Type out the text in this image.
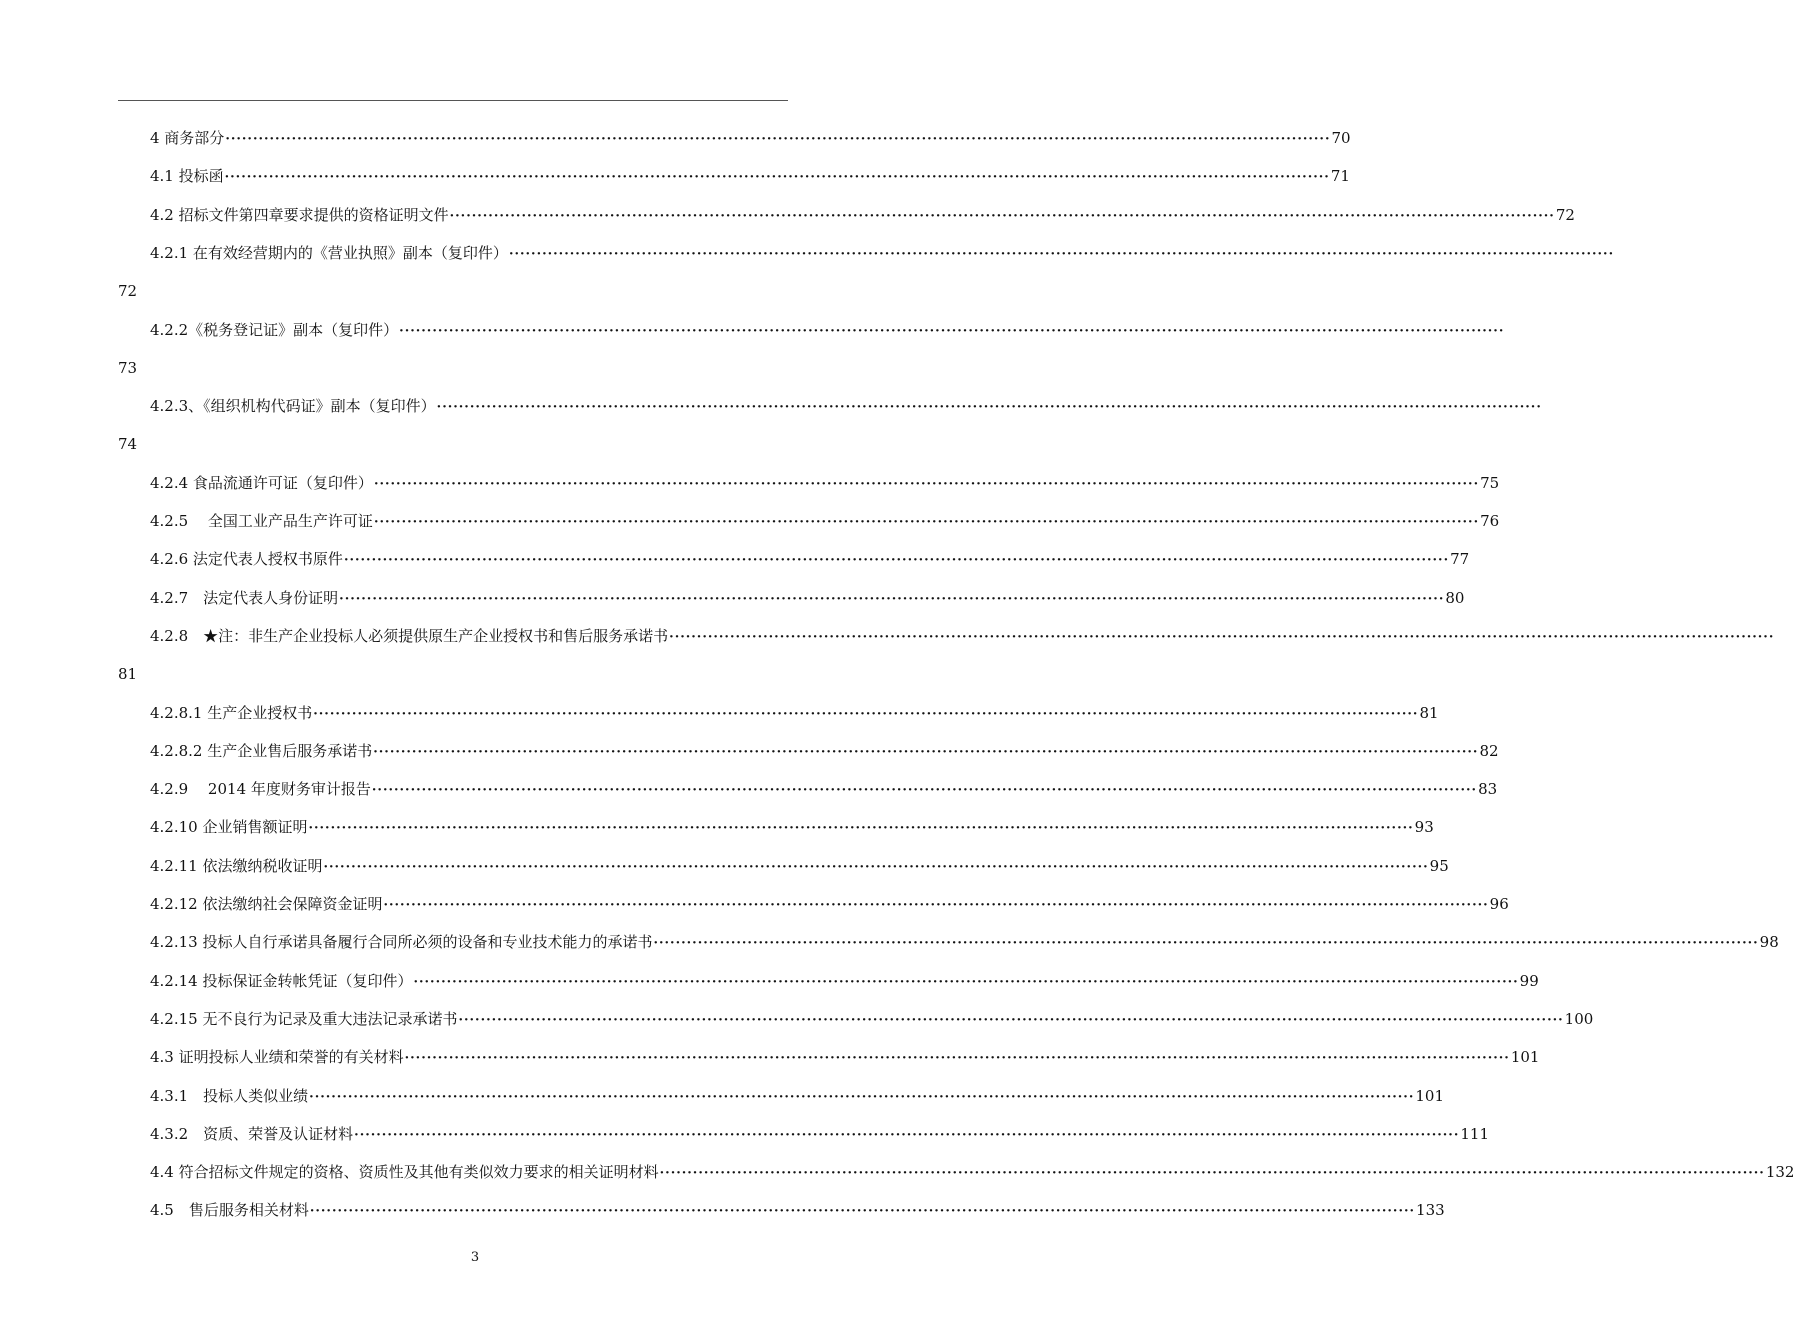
4 商务部分 ········································································································································································································ 70
4.1 投标函 ········································································································································································································ 71
4.2 招标文件第四章要求提供的资格证明文件 ········································································································································································································ 72
4.2.1 在有效经营期内的《营业执照》副本（复印件） ········································································································································································································
72
4.2.2《税务登记证》副本（复印件） ········································································································································································································
73
4.2.3、《组织机构代码证》副本（复印件） ········································································································································································································
74
4.2.4 食品流通许可证（复印件） ········································································································································································································ 75
4.2.5　 全国工业产品生产许可证 ········································································································································································································ 76
4.2.6 法定代表人授权书原件 ········································································································································································································ 77
4.2.7　法定代表人身份证明 ········································································································································································································ 80
4.2.8　★注：非生产企业投标人必须提供原生产企业授权书和售后服务承诺书 ········································································································································································································
81
4.2.8.1 生产企业授权书 ········································································································································································································ 81
4.2.8.2 生产企业售后服务承诺书 ········································································································································································································ 82
4.2.9　 2014 年度财务审计报告 ········································································································································································································ 83
4.2.10 企业销售额证明 ········································································································································································································ 93
4.2.11 依法缴纳税收证明 ········································································································································································································ 95
4.2.12 依法缴纳社会保障资金证明 ········································································································································································································ 96
4.2.13 投标人自行承诺具备履行合同所必须的设备和专业技术能力的承诺书 ········································································································································································································ 98
4.2.14 投标保证金转帐凭证（复印件） ········································································································································································································ 99
4.2.15 无不良行为记录及重大违法记录承诺书 ········································································································································································································ 100
4.3 证明投标人业绩和荣誉的有关材料 ········································································································································································································ 101
4.3.1　投标人类似业绩 ········································································································································································································ 101
4.3.2　资质、荣誉及认证材料 ········································································································································································································ 111
4.4 符合招标文件规定的资格、资质性及其他有类似效力要求的相关证明材料 ········································································································································································································ 132
4.5　售后服务相关材料 ········································································································································································································ 133
3
